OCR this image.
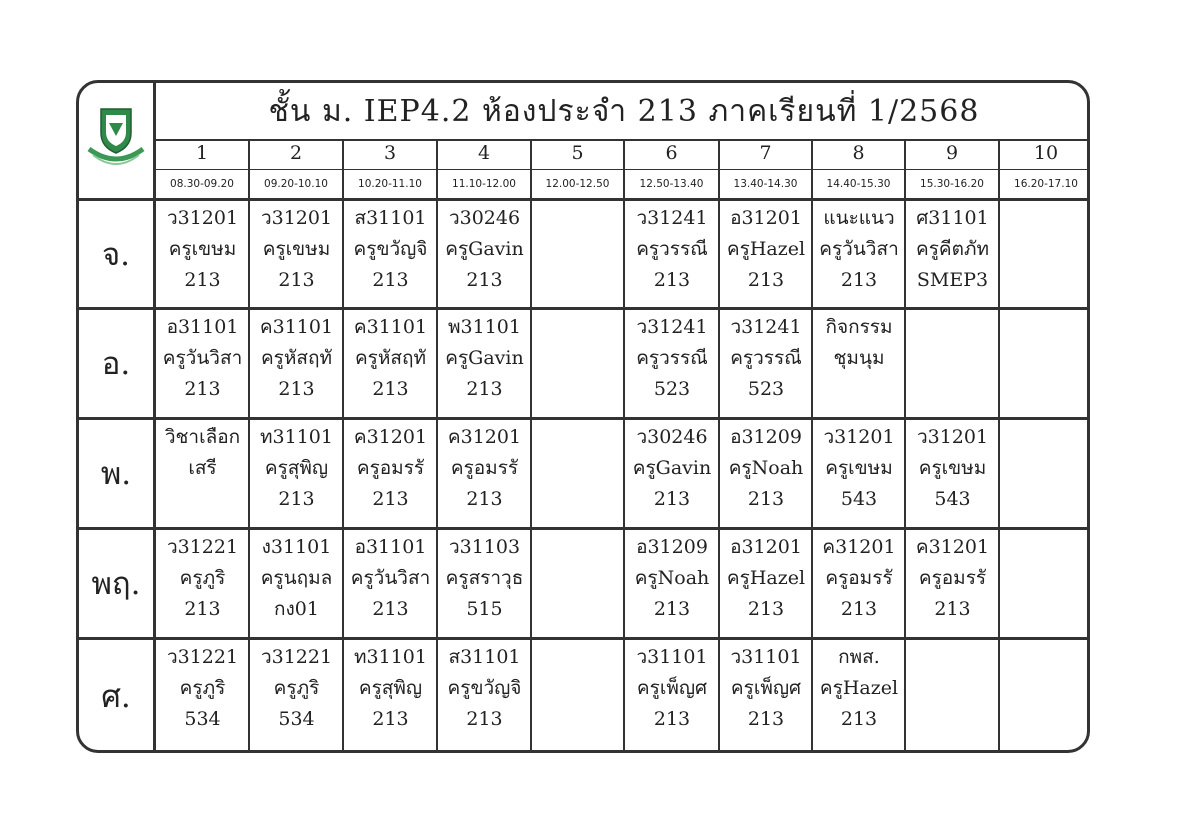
ชั้น ม. IEP4.2 ห้องประจำ 213 ภาคเรียนที่ 1/2568
1
08.30-09.20
2
09.20-10.10
3
10.20-11.10
4
11.10-12.00
5
12.00-12.50
6
12.50-13.40
7
13.40-14.30
8
14.40-15.30
9
15.30-16.20
10
16.20-17.10
จ.
ว31201
ครูเขษม
213
ว31201
ครูเขษม
213
ส31101
ครูขวัญจิ
213
ว30246
ครูGavin
213
ว31241
ครูวรรณี
213
อ31201
ครูHazel
213
แนะแนว
ครูวันวิสา
213
ศ31101
ครูคีตภัท
SMEP3
อ.
อ31101
ครูวันวิสา
213
ค31101
ครูหัสฤทั
213
ค31101
ครูหัสฤทั
213
พ31101
ครูGavin
213
ว31241
ครูวรรณี
523
ว31241
ครูวรรณี
523
กิจกรรม
ชุมนุม
พ.
วิชาเลือก
เสรี
ท31101
ครูสุพิญ
213
ค31201
ครูอมรรั
213
ค31201
ครูอมรรั
213
ว30246
ครูGavin
213
อ31209
ครูNoah
213
ว31201
ครูเขษม
543
ว31201
ครูเขษม
543
พฤ.
ว31221
ครูภูริ
213
ง31101
ครูนฤมล
กง01
อ31101
ครูวันวิสา
213
ว31103
ครูสราวุธ
515
อ31209
ครูNoah
213
อ31201
ครูHazel
213
ค31201
ครูอมรรั
213
ค31201
ครูอมรรั
213
ศ.
ว31221
ครูภูริ
534
ว31221
ครูภูริ
534
ท31101
ครูสุพิญ
213
ส31101
ครูขวัญจิ
213
ว31101
ครูเพ็ญศ
213
ว31101
ครูเพ็ญศ
213
กพส.
ครูHazel
213
